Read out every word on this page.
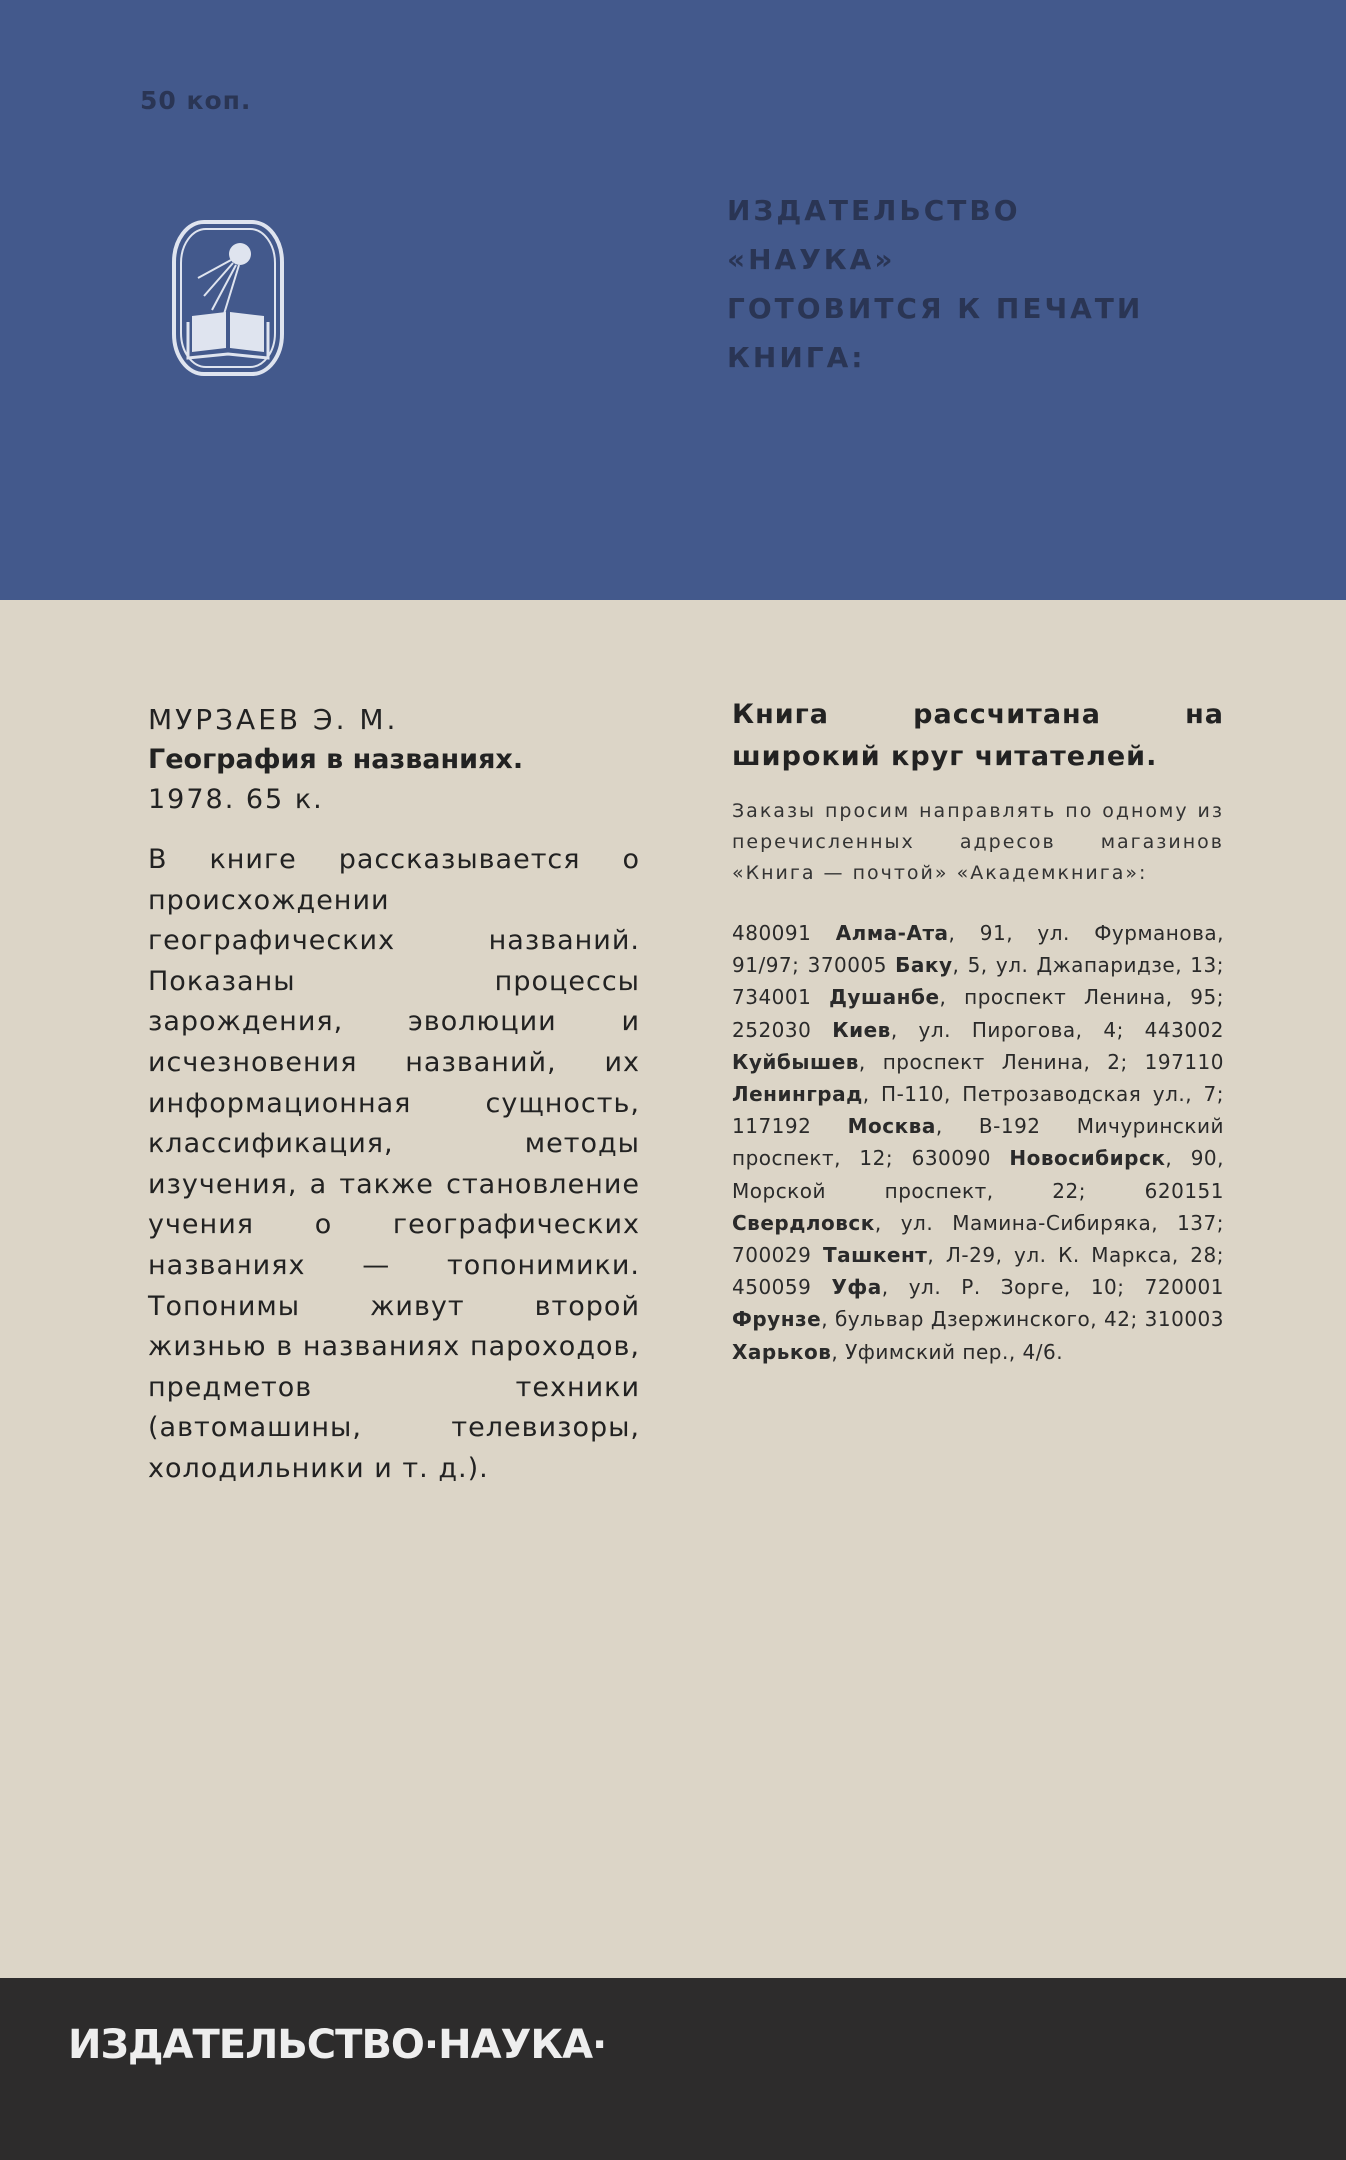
50 коп.
ИЗДАТЕЛЬСТВО
«НАУКА»
ГОТОВИТСЯ К ПЕЧАТИ
КНИГА:
МУРЗАЕВ Э. М.
География в названиях.
1978. 65 к.
В книге рассказывается о происхождении географических названий. Показаны процессы зарождения, эволюции и исчезновения названий, их информационная сущность, классификация, методы изучения, а также становление учения о географических названиях — топонимики. Топонимы живут второй жизнью в названиях пароходов, предметов техники (автомашины, телевизоры, холодильники и т. д.).
Книга рассчитана на широкий круг читателей.
Заказы просим направлять по одному из перечисленных адресов магазинов «Книга — почтой» «Академкнига»:
480091 Алма-Ата, 91, ул. Фурманова, 91/97; 370005 Баку, 5, ул. Джапаридзе, 13; 734001 Душанбе, проспект Ленина, 95; 252030 Киев, ул. Пирогова, 4; 443002 Куйбышев, проспект Ленина, 2; 197110 Ленинград, П-110, Петрозаводская ул., 7; 117192 Москва, В-192 Мичуринский проспект, 12; 630090 Новосибирск, 90, Морской проспект, 22; 620151 Свердловск, ул. Мамина-Сибиряка, 137; 700029 Ташкент, Л-29, ул. К. Маркса, 28; 450059 Уфа, ул. Р. Зорге, 10; 720001 Фрунзе, бульвар Дзержинского, 42; 310003 Харьков, Уфимский пер., 4/6.
ИЗДАТЕЛЬСТВО·НАУКА·
